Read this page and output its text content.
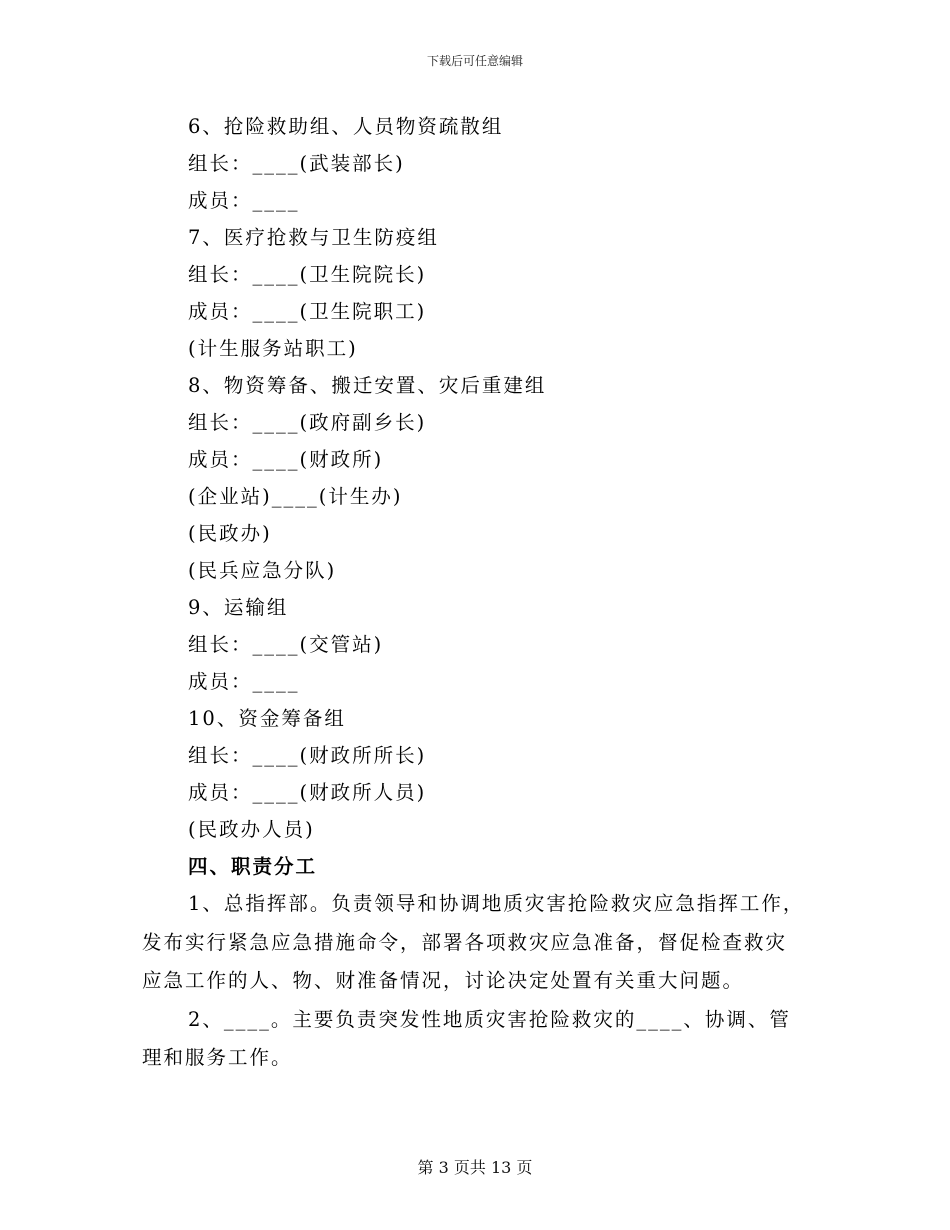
下载后可任意编辑
6、抢险救助组、人员物资疏散组
组长：____(武装部长)
成员：____
7、医疗抢救与卫生防疫组
组长：____(卫生院院长)
成员：____(卫生院职工)
(计生服务站职工)
8、物资筹备、搬迁安置、灾后重建组
组长：____(政府副乡长)
成员：____(财政所)
(企业站)____(计生办)
(民政办)
(民兵应急分队)
9、运输组
组长：____(交管站)
成员：____
10、资金筹备组
组长：____(财政所所长)
成员：____(财政所人员)
(民政办人员)
四、职责分工

1、总指挥部。负责领导和协调地质灾害抢险救灾应急指挥工作，发布实行紧急应急措施命令，部署各项救灾应急准备，督促检查救灾应急工作的人、物、财准备情况，讨论决定处置有关重大问题。

2、____。主要负责突发性地质灾害抢险救灾的____、协调、管理和服务工作。

第 3 页共 13 页
